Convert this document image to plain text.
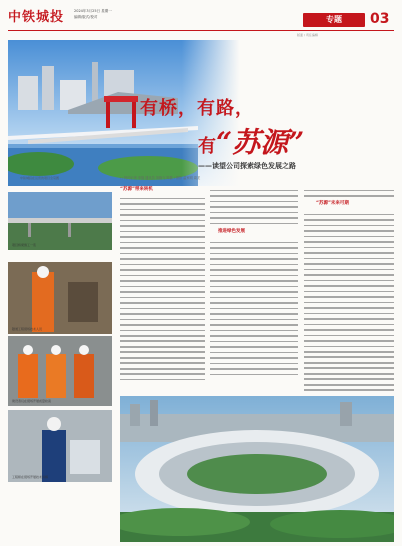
中铁城投	2024年3月25日 星期一
编辑/版式/校对	专题	03
版面 / 责任编辑
中铁城投在运营的项目全景图
有桥，有路，
有“苏源”
——读望公司探索绿色发展之路
□ 特约记者 李翔 通讯员 刘晓飞 陈鑫 / 摄影 温家明 周龙
项目桥梁施工一览
隧道工程现场技术人员
建设者们在现场开展质量检查
工程师在现场开展技术讲解
“苏源”带来转机
推进绿色发展
“苏源”未来可期
